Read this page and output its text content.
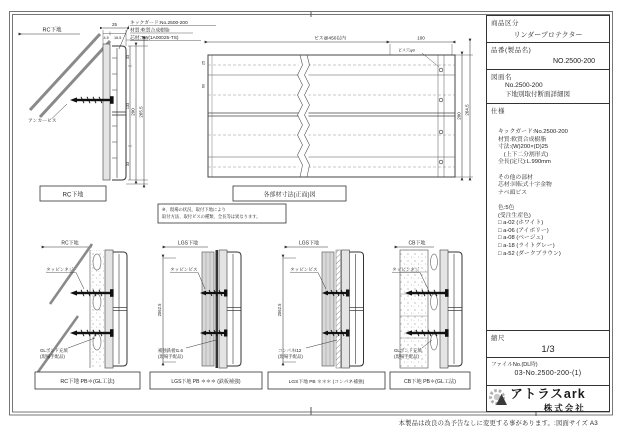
RC下地
アンカービス
25
4.5 16.5
33
133
33
200 265.5
キックガード:No.2500-200
材質:軟質合成樹脂
芯材:TW(1A00025-TS)
RC下地
ビス@450以内	100
ビス穴φ9
200
264.5
25
60
各部材寸法(正面)図
※、現場の状況、取付下地により
取付方法、取付ビスの種類、全長等は異なります。
RC下地
タッピンネジ
GLボンド充填
(現場手配品)
RC下地 PB＊(GL工法)
LGS下地
2062.5
タッピンビス
補強鉄板t1.6
(現場手配品)
LGS下地 PB ＊＊＊ (鉄板補強)
LGS下地
2062.5
タッピンビス
コンパネt12
(現場手配品)
LGS下地 PB ＊＊＊ (コンパネ補強)
CB下地
タッピンネジ
GLボンド充填
(現場手配品)
CB下地 PB＊(GL工法)
商品区分
リンダープロテクター
品番(製品名)
NO.2500-200
図面名
No.2500-200
下地別取付断面詳細図
仕様
キックガード:No.2500-200
材質:軟質合成樹脂
寸法:(W)200×(D)25
　(上下二分割形式)
全長(定尺):L.990mm
その他の部材
芯材:回転式十字金物
ナベ頭ビス
色:5色
(受注生産色)
□ a-02 (ホワイト)
□ a-06 (アイボリー)
□ a-08 (ベージュ)
□ a-18 (ライトグレー)
□ a-52 (ダークブラウン)
縮尺
1/3
ファイルNo.(DL時)
03-No.2500-200-(1)
アトラスark
株式会社
本製品は改良の為予告なしに変更する事があります。:図面サイズ A3
